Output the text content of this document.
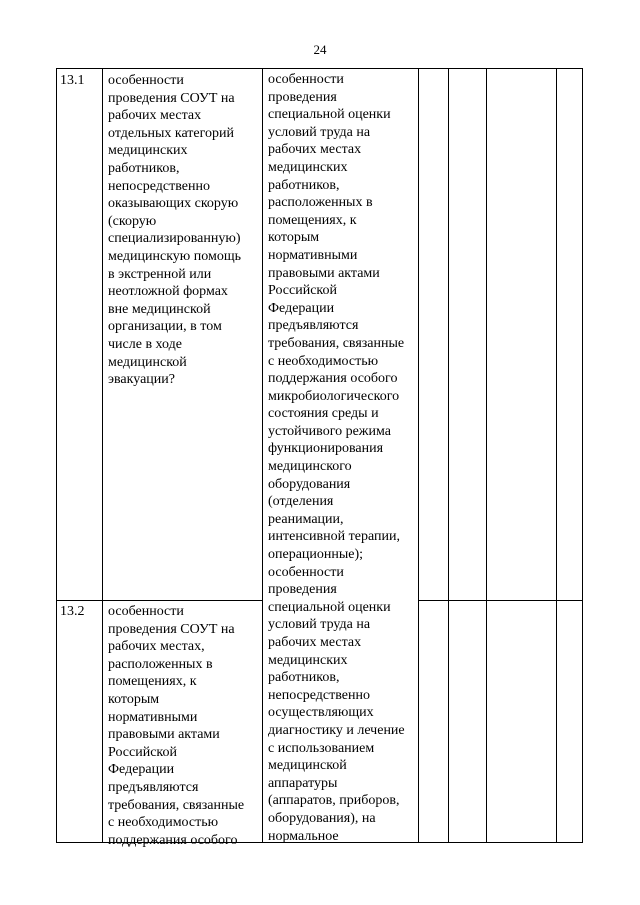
24
13.1 особенности
проведения СОУТ на
рабочих местах
отдельных категорий
медицинских
работников,
непосредственно
оказывающих скорую
(скорую
специализированную)
медицинскую помощь
в экстренной или
неотложной формах
вне медицинской
организации, в том
числе в ходе
медицинской
эвакуации?
особенности
проведения
специальной оценки
условий труда на
рабочих местах
медицинских
работников,
расположенных в
помещениях, к
которым
нормативными
правовыми актами
Российской
Федерации
предъявляются
требования, связанные
с необходимостью
поддержания особого
микробиологического
состояния среды и
устойчивого режима
функционирования
медицинского
оборудования
(отделения
реанимации,
интенсивной терапии,
операционные);
особенности
проведения
специальной оценки
условий труда на
рабочих местах
медицинских
работников,
непосредственно
осуществляющих
диагностику и лечение
с использованием
медицинской
аппаратуры
(аппаратов, приборов,
оборудования), на
нормальное
13.2 особенности
проведения СОУТ на
рабочих местах,
расположенных в
помещениях, к
которым
нормативными
правовыми актами
Российской
Федерации
предъявляются
требования, связанные
с необходимостью
поддержания особого
